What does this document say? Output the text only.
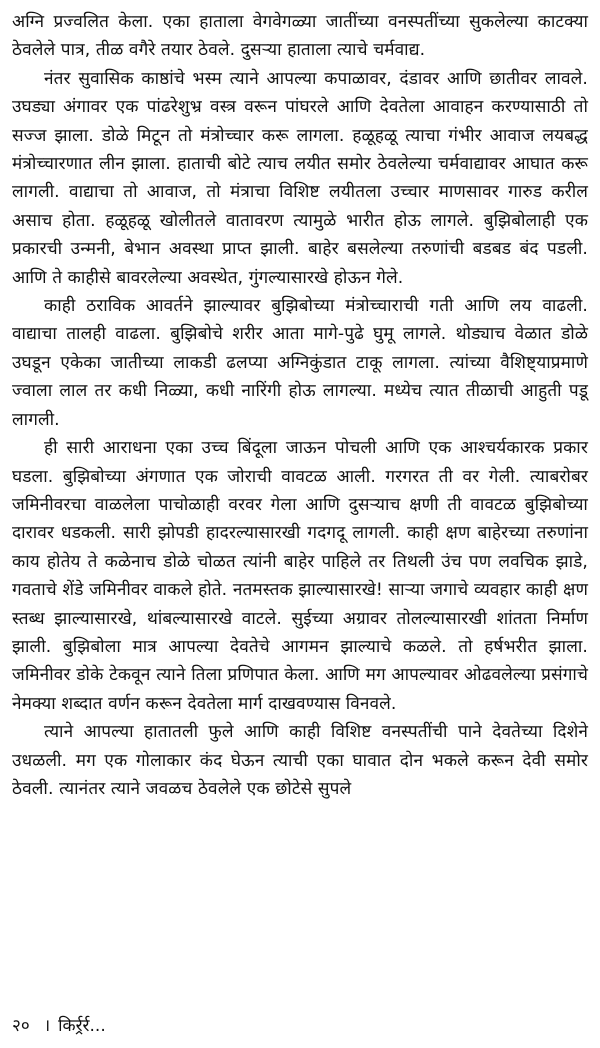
अग्नि प्रज्वलित केला. एका हाताला वेगवेगळ्या जातींच्या वनस्पतींच्या सुकलेल्या काटक्या ठेवलेले पात्र, तीळ वगैरे तयार ठेवले. दुसऱ्या हाताला त्याचे चर्मवाद्य.

नंतर सुवासिक काष्ठांचे भस्म त्याने आपल्या कपाळावर, दंडावर आणि छातीवर लावले. उघड्या अंगावर एक पांढरेशुभ्र वस्त्र वरून पांघरले आणि देवतेला आवाहन करण्यासाठी तो सज्ज झाला. डोळे मिटून तो मंत्रोच्चार करू लागला. हळूहळू त्याचा गंभीर आवाज लयबद्ध मंत्रोच्चारणात लीन झाला. हाताची बोटे त्याच लयीत समोर ठेवलेल्या चर्मवाद्यावर आघात करू लागली. वाद्याचा तो आवाज, तो मंत्राचा विशिष्ट लयीतला उच्चार माणसावर गारुड करील असाच होता. हळूहळू खोलीतले वातावरण त्यामुळे भारीत होऊ लागले. बुझिबोलाही एक प्रकारची उन्मनी, बेभान अवस्था प्राप्त झाली. बाहेर बसलेल्या तरुणांची बडबड बंद पडली. आणि ते काहीसे बावरलेल्या अवस्थेत, गुंगल्यासारखे होऊन गेले.

काही ठराविक आवर्तने झाल्यावर बुझिबोच्या मंत्रोच्चाराची गती आणि लय वाढली. वाद्याचा तालही वाढला. बुझिबोचे शरीर आता मागे-पुढे घुमू लागले. थोड्याच वेळात डोळे उघडून एकेका जातीच्या लाकडी ढलप्या अग्निकुंडात टाकू लागला. त्यांच्या वैशिष्ट्याप्रमाणे ज्वाला लाल तर कधी निळ्या, कधी नारिंगी होऊ लागल्या. मध्येच त्यात तीळाची आहुती पडू लागली.

ही सारी आराधना एका उच्च बिंदूला जाऊन पोचली आणि एक आश्चर्यकारक प्रकार घडला. बुझिबोच्या अंगणात एक जोराची वावटळ आली. गरगरत ती वर गेली. त्याबरोबर जमिनीवरचा वाळलेला पाचोळाही वरवर गेला आणि दुसऱ्याच क्षणी ती वावटळ बुझिबोच्या दारावर धडकली. सारी झोपडी हादरल्यासारखी गदगदू लागली. काही क्षण बाहेरच्या तरुणांना काय होतेय ते कळेनाच डोळे चोळत त्यांनी बाहेर पाहिले तर तिथली उंच पण लवचिक झाडे, गवताचे शेंडे जमिनीवर वाकले होते. नतमस्तक झाल्यासारखे! साऱ्या जगाचे व्यवहार काही क्षण स्तब्ध झाल्यासारखे, थांबल्यासारखे वाटले. सुईच्या अग्रावर तोलल्यासारखी शांतता निर्माण झाली. बुझिबोला मात्र आपल्या देवतेचे आगमन झाल्याचे कळले. तो हर्षभरीत झाला. जमिनीवर डोके टेकवून त्याने तिला प्रणिपात केला. आणि मग आपल्यावर ओढवलेल्या प्रसंगाचे नेमक्या शब्दात वर्णन करून देवतेला मार्ग दाखवण्यास विनवले.

त्याने आपल्या हातातली फुले आणि काही विशिष्ट वनस्पतींची पाने देवतेच्या दिशेने उधळली. मग एक गोलाकार कंद घेऊन त्याची एका घावात दोन भकले करून देवी समोर ठेवली. त्यानंतर त्याने जवळच ठेवलेले एक छोटेसे सुपले

२० । किर्र्रर्र...
